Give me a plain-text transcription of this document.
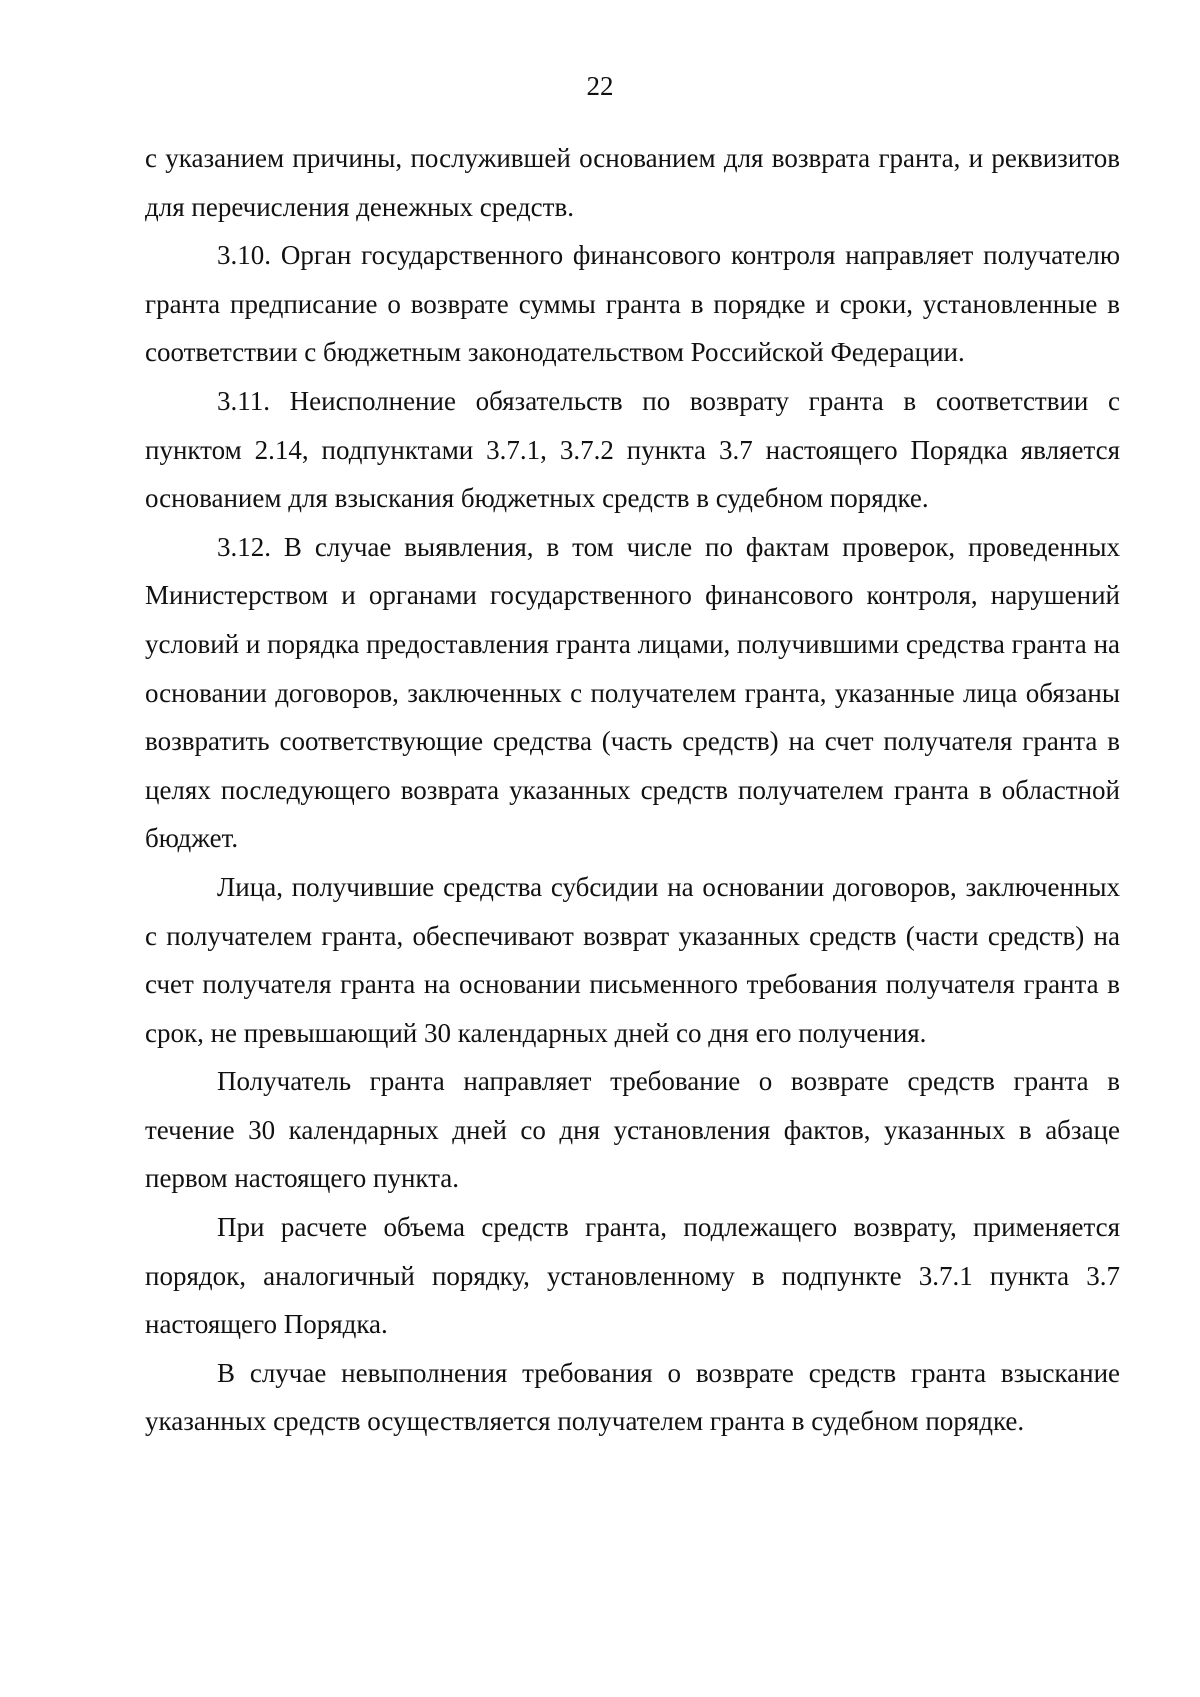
22

с указанием причины, послужившей основанием для возврата гранта, и реквизитов для перечисления денежных средств.

3.10. Орган государственного финансового контроля направляет получателю гранта предписание о возврате суммы гранта в порядке и сроки, установленные в соответствии с бюджетным законодательством Российской Федерации.

3.11. Неисполнение обязательств по возврату гранта в соответствии с пунктом 2.14, подпунктами 3.7.1, 3.7.2 пункта 3.7 настоящего Порядка является основанием для взыскания бюджетных средств в судебном порядке.

3.12. В случае выявления, в том числе по фактам проверок, проведенных Министерством и органами государственного финансового контроля, нарушений условий и порядка предоставления гранта лицами, получившими средства гранта на основании договоров, заключенных с получателем гранта, указанные лица обязаны возвратить соответствующие средства (часть средств) на счет получателя гранта в целях последующего возврата указанных средств получателем гранта в областной бюджет.

Лица, получившие средства субсидии на основании договоров, заключенных с получателем гранта, обеспечивают возврат указанных средств (части средств) на счет получателя гранта на основании письменного требования получателя гранта в срок, не превышающий 30 календарных дней со дня его получения.

Получатель гранта направляет требование о возврате средств гранта в течение 30 календарных дней со дня установления фактов, указанных в абзаце первом настоящего пункта.

При расчете объема средств гранта, подлежащего возврату, применяется порядок, аналогичный порядку, установленному в подпункте 3.7.1 пункта 3.7 настоящего Порядка.

В случае невыполнения требования о возврате средств гранта взыскание указанных средств осуществляется получателем гранта в судебном порядке.
